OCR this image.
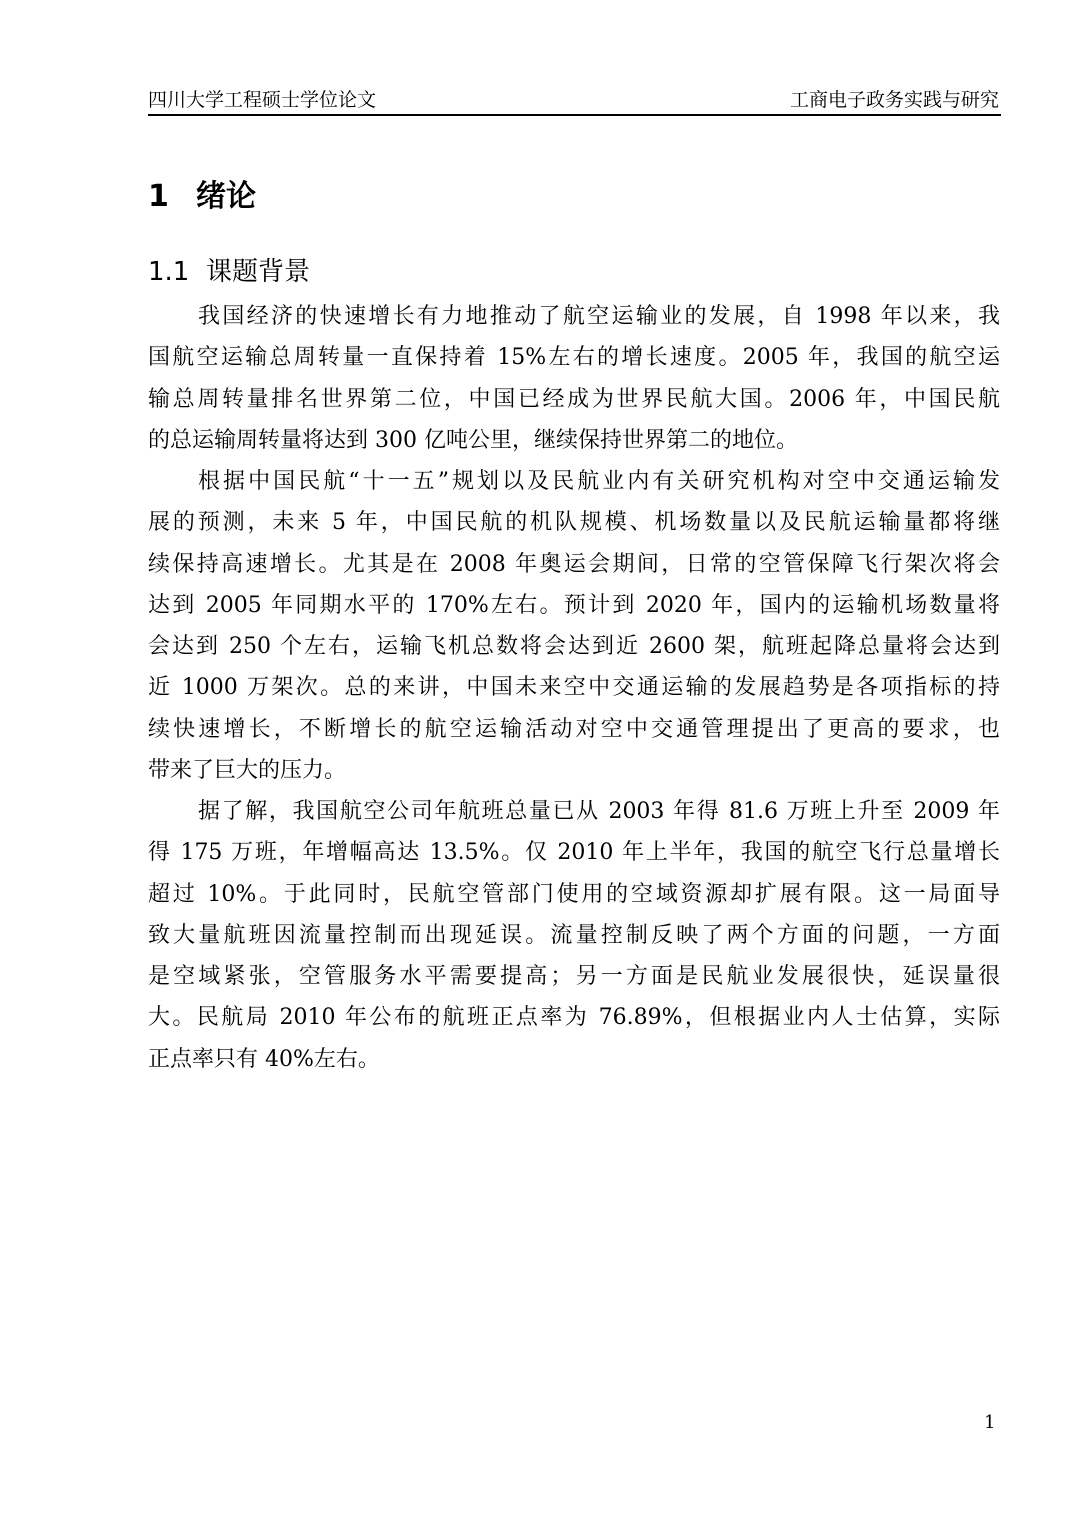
四川大学工程硕士学位论文	工商电子政务实践与研究
1 绪论
1.1 课题背景
我国经济的快速增长有力地推动了航空运输业的发展，自 1998 年以来，我
国航空运输总周转量一直保持着 15%左右的增长速度。2005 年，我国的航空运
输总周转量排名世界第二位，中国已经成为世界民航大国。2006 年，中国民航
的总运输周转量将达到 300 亿吨公里，继续保持世界第二的地位。
根据中国民航“十一五”规划以及民航业内有关研究机构对空中交通运输发
展的预测，未来 5 年，中国民航的机队规模、机场数量以及民航运输量都将继
续保持高速增长。尤其是在 2008 年奥运会期间，日常的空管保障飞行架次将会
达到 2005 年同期水平的 170%左右。预计到 2020 年，国内的运输机场数量将
会达到 250 个左右，运输飞机总数将会达到近 2600 架，航班起降总量将会达到
近 1000 万架次。总的来讲，中国未来空中交通运输的发展趋势是各项指标的持
续快速增长，不断增长的航空运输活动对空中交通管理提出了更高的要求，也
带来了巨大的压力。
据了解，我国航空公司年航班总量已从 2003 年得 81.6 万班上升至 2009 年
得 175 万班，年增幅高达 13.5%。仅 2010 年上半年，我国的航空飞行总量增长
超过 10%。于此同时，民航空管部门使用的空域资源却扩展有限。这一局面导
致大量航班因流量控制而出现延误。流量控制反映了两个方面的问题，一方面
是空域紧张，空管服务水平需要提高；另一方面是民航业发展很快，延误量很
大。民航局 2010 年公布的航班正点率为 76.89%，但根据业内人士估算，实际
正点率只有 40%左右。
1
